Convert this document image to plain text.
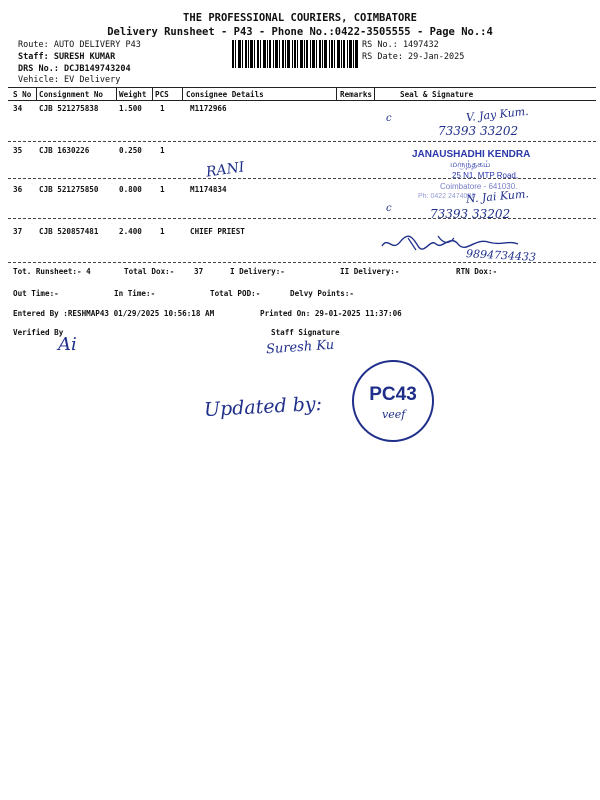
THE PROFESSIONAL COURIERS, COIMBATORE
Delivery Runsheet - P43 - Phone No.:0422-3505555 - Page No.:4
Route: AUTO DELIVERY P43
Staff: SURESH KUMAR
DRS No.: DCJB149743204
Vehicle: EV Delivery
RS No.: 1497432
RS Date: 29-Jan-2025
S No Consignment No Weight PCS Consignee Details	Remarks	Seal & Signature
34 CJB 521275838	1.500 1	M1172966
35 CJB 1630226	0.250 1
36 CJB 521275850	0.800 1	M1174834
37 CJB 520857481	2.400 1	CHIEF PRIEST
V. Jay Kum.
73393 33202
RANI
N. Jai Kum.
73393 33202
9894734433
JANAUSHADHI KENDRA
மருந்தகம்
25 N1, MTP Road,
Coimbatore - 641030.
Ph: 0422 2474086
ⅽ
ⅽ
Tot. Runsheet:- 4	Total Dox:-	37	I Delivery:-	II Delivery:-	RTN Dox:-
Out Time:-	In Time:-	Total POD:-	Delvy Points:-
Entered By :RESHMAP43 01/29/2025 10:56:18 AM	Printed On: 29-01-2025 11:37:06
Verified By	Staff Signature
Ai	Suresh Ku
Updated by:	PC43
veef
